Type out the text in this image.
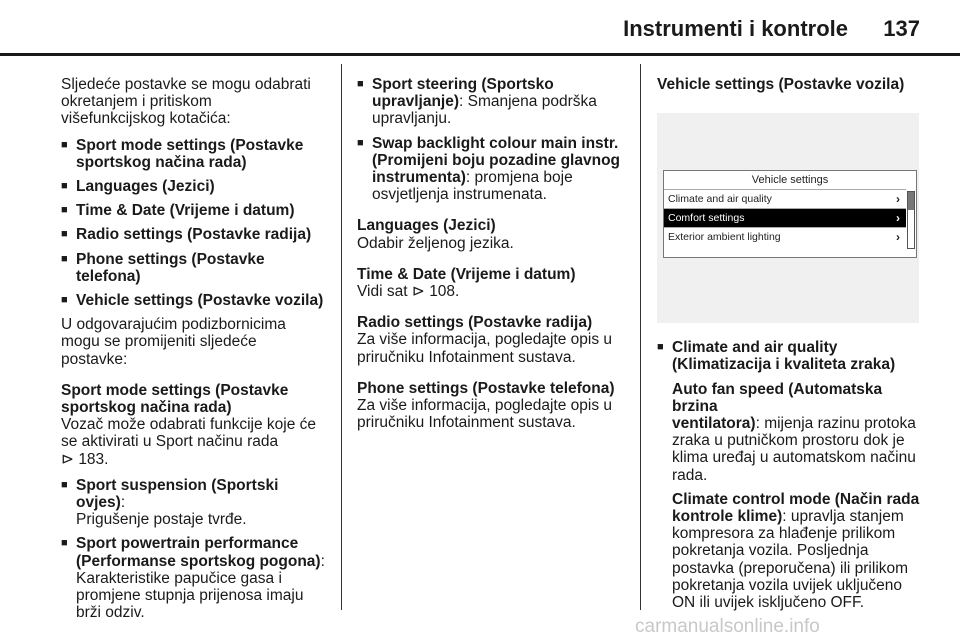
Instrumenti i kontrole 137

Sljedeće postavke se mogu odabrati
okretanjem i pritiskom
višefunkcijskog kotačića:

■ Sport mode settings (Postavke
sportskog načina rada)
■ Languages (Jezici)
■ Time & Date (Vrijeme i datum)
■ Radio settings (Postavke radija)
■ Phone settings (Postavke telefona)
■ Vehicle settings (Postavke vozila)

U odgovarajućim podizbornicima
mogu se promijeniti sljedeće
postavke:

Sport mode settings (Postavke
sportskog načina rada)

Vozač može odabrati funkcije koje će
se aktivirati u Sport načinu rada
⊳ 183.

■ Sport suspension (Sportski ovjes):
Prigušenje postaje tvrđe.
■ Sport powertrain performance
(Performanse sportskog pogona):
Karakteristike papučice gasa i
promjene stupnja prijenosa imaju
brži odziv.
■ Sport steering (Sportsko
upravljanje): Smanjena podrška
upravljanju.
■ Swap backlight colour main instr.
(Promijeni boju pozadine glavnog
instrumenta): promjena boje
osvjetljenja instrumenata.
Languages (Jezici)

Odabir željenog jezika.

Time & Date (Vrijeme i datum)

Vidi sat ⊳ 108.

Radio settings (Postavke radija)

Za više informacija, pogledajte opis u
priručniku Infotainment sustava.

Phone settings (Postavke telefona)

Za više informacija, pogledajte opis u
priručniku Infotainment sustava.

Vehicle settings (Postavke vozila)
Vehicle settings
Climate and air quality	›
Comfort settings	›
Exterior ambient lighting	›
■ Climate and air quality
(Klimatizacija i kvaliteta zraka)
Auto fan speed (Automatska brzina
ventilatora): mijenja razinu protoka
zraka u putničkom prostoru dok je
klima uređaj u automatskom načinu
rada.
Climate control mode (Način rada
kontrole klime): upravlja stanjem
kompresora za hlađenje prilikom
pokretanja vozila. Posljednja
postavka (preporučena) ili prilikom
pokretanja vozila uvijek uključeno
ON ili uvijek isključeno OFF.
carmanualsonline.info
